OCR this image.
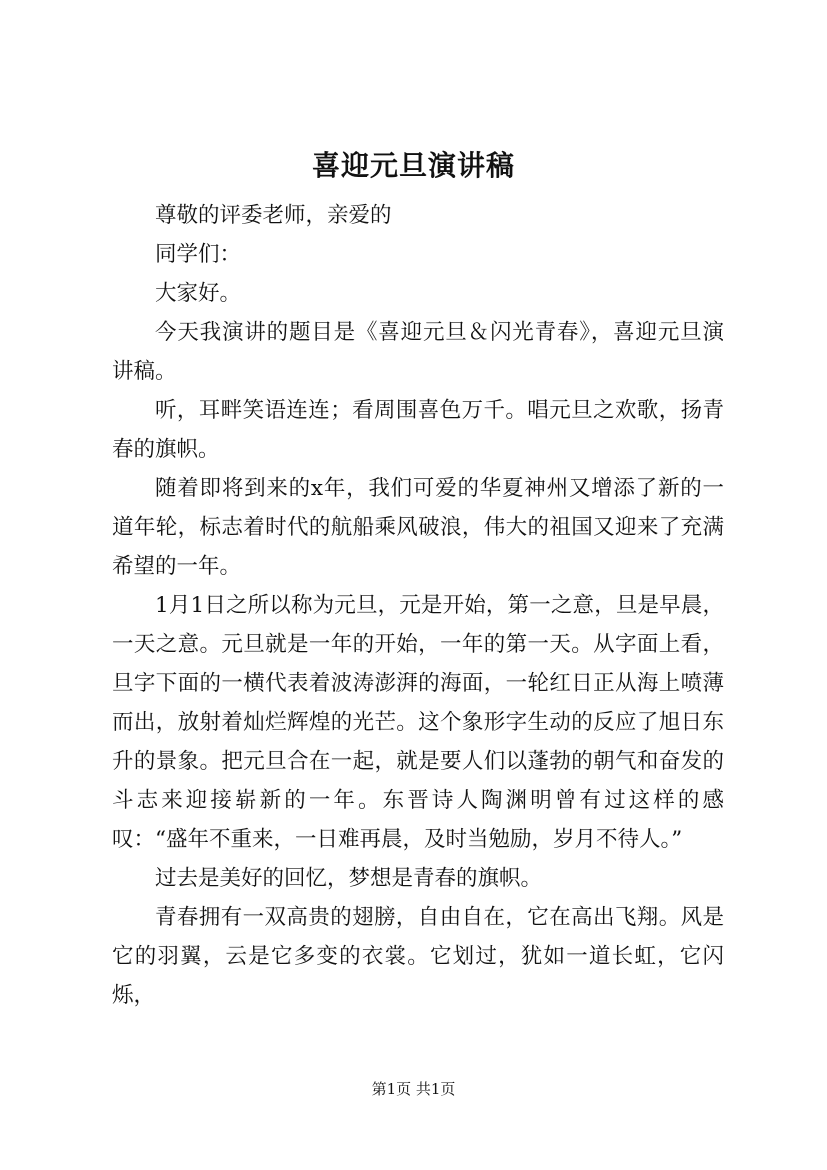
喜迎元旦演讲稿

尊敬的评委老师，亲爱的

同学们：

大家好。

今天我演讲的题目是《喜迎元旦＆闪光青春》，喜迎元旦演讲稿。

听，耳畔笑语连连；看周围喜色万千。唱元旦之欢歌，扬青春的旗帜。

随着即将到来的x年，我们可爱的华夏神州又增添了新的一道年轮，标志着时代的航船乘风破浪，伟大的祖国又迎来了充满希望的一年。

1月1日之所以称为元旦，元是开始，第一之意，旦是早晨，一天之意。元旦就是一年的开始，一年的第一天。从字面上看，旦字下面的一横代表着波涛澎湃的海面，一轮红日正从海上喷薄而出，放射着灿烂辉煌的光芒。这个象形字生动的反应了旭日东升的景象。把元旦合在一起，就是要人们以蓬勃的朝气和奋发的斗志来迎接崭新的一年。东晋诗人陶渊明曾有过这样的感叹：“盛年不重来，一日难再晨，及时当勉励，岁月不待人。”

过去是美好的回忆，梦想是青春的旗帜。

青春拥有一双高贵的翅膀，自由自在，它在高出飞翔。风是它的羽翼，云是它多变的衣裳。它划过，犹如一道长虹，它闪烁，

第1页 共1页
